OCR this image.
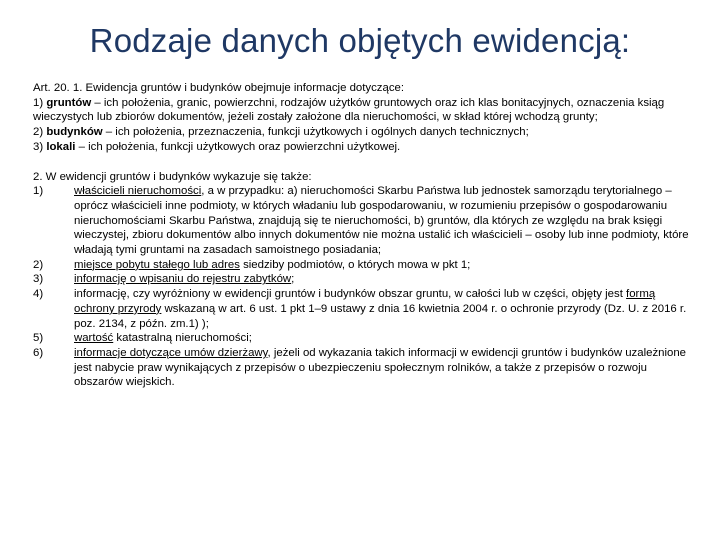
Rodzaje danych objętych ewidencją:

Art. 20. 1. Ewidencja gruntów i budynków obejmuje informacje dotyczące:

1) gruntów – ich położenia, granic, powierzchni, rodzajów użytków gruntowych oraz ich klas bonitacyjnych, oznaczenia ksiąg wieczystych lub zbiorów dokumentów, jeżeli zostały założone dla nieruchomości, w skład której wchodzą grunty;

2) budynków – ich położenia, przeznaczenia, funkcji użytkowych i ogólnych danych technicznych;

3) lokali – ich położenia, funkcji użytkowych oraz powierzchni użytkowej.

2. W ewidencji gruntów i budynków wykazuje się także:

1)	właścicieli nieruchomości, a w przypadku: a) nieruchomości Skarbu Państwa lub jednostek samorządu terytorialnego – oprócz właścicieli inne podmioty, w których władaniu lub gospodarowaniu, w rozumieniu przepisów o gospodarowaniu nieruchomościami Skarbu Państwa, znajdują się te nieruchomości, b) gruntów, dla których ze względu na brak księgi wieczystej, zbioru dokumentów albo innych dokumentów nie można ustalić ich właścicieli – osoby lub inne podmioty, które władają tymi gruntami na zasadach samoistnego posiadania;
2)	miejsce pobytu stałego lub adres siedziby podmiotów, o których mowa w pkt 1;
3)	informację o wpisaniu do rejestru zabytków;
4)	informację, czy wyróżniony w ewidencji gruntów i budynków obszar gruntu, w całości lub w części, objęty jest formą ochrony przyrody wskazaną w art. 6 ust. 1 pkt 1–9 ustawy z dnia 16 kwietnia 2004 r. o ochronie przyrody (Dz. U. z 2016 r. poz. 2134, z późn. zm.1) );
5)	wartość katastralną nieruchomości;
6)	informacje dotyczące umów dzierżawy, jeżeli od wykazania takich informacji w ewidencji gruntów i budynków uzależnione jest nabycie praw wynikających z przepisów o ubezpieczeniu społecznym rolników, a także z przepisów o rozwoju obszarów wiejskich.
